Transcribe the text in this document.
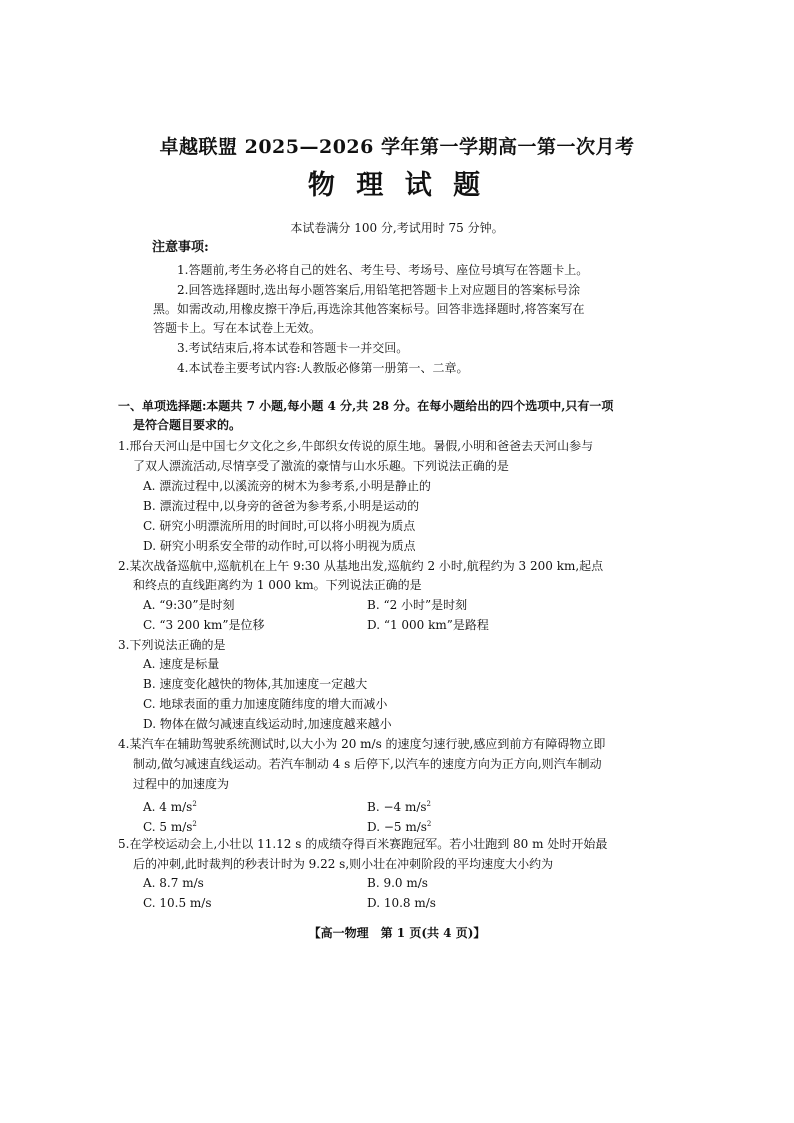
卓越联盟 2025—2026 学年第一学期高一第一次月考
物 理 试 题
本试卷满分 100 分,考试用时 75 分钟。
注意事项:
1.答题前,考生务必将自己的姓名、考生号、考场号、座位号填写在答题卡上。
2.回答选择题时,选出每小题答案后,用铅笔把答题卡上对应题目的答案标号涂
黑。如需改动,用橡皮擦干净后,再选涂其他答案标号。回答非选择题时,将答案写在
答题卡上。写在本试卷上无效。
3.考试结束后,将本试卷和答题卡一并交回。
4.本试卷主要考试内容:人教版必修第一册第一、二章。
一、单项选择题:本题共 7 小题,每小题 4 分,共 28 分。在每小题给出的四个选项中,只有一项
是符合题目要求的。
1.邢台天河山是中国七夕文化之乡,牛郎织女传说的原生地。暑假,小明和爸爸去天河山参与
了双人漂流活动,尽情享受了激流的豪情与山水乐趣。下列说法正确的是
A. 漂流过程中,以溪流旁的树木为参考系,小明是静止的
B. 漂流过程中,以身旁的爸爸为参考系,小明是运动的
C. 研究小明漂流所用的时间时,可以将小明视为质点
D. 研究小明系安全带的动作时,可以将小明视为质点
2.某次战备巡航中,巡航机在上午 9:30 从基地出发,巡航约 2 小时,航程约为 3 200 km,起点
和终点的直线距离约为 1 000 km。下列说法正确的是
A. “9:30”是时刻	B. “2 小时”是时刻
C. “3 200 km”是位移	D. “1 000 km”是路程
3.下列说法正确的是
A. 速度是标量
B. 速度变化越快的物体,其加速度一定越大
C. 地球表面的重力加速度随纬度的增大而减小
D. 物体在做匀减速直线运动时,加速度越来越小
4.某汽车在辅助驾驶系统测试时,以大小为 20 m/s 的速度匀速行驶,感应到前方有障碍物立即
制动,做匀减速直线运动。若汽车制动 4 s 后停下,以汽车的速度方向为正方向,则汽车制动
过程中的加速度为
A. 4 $m/s^2$	B. −4 $m/s^2$
C. 5 $m/s^2$	D. −5 $m/s^2$
5.在学校运动会上,小壮以 11.12 s 的成绩夺得百米赛跑冠军。若小壮跑到 80 m 处时开始最
后的冲刺,此时裁判的秒表计时为 9.22 s,则小壮在冲刺阶段的平均速度大小约为
A. 8.7 m/s	B. 9.0 m/s
C. 10.5 m/s	D. 10.8 m/s
【高一物理　第 1 页(共 4 页)】
